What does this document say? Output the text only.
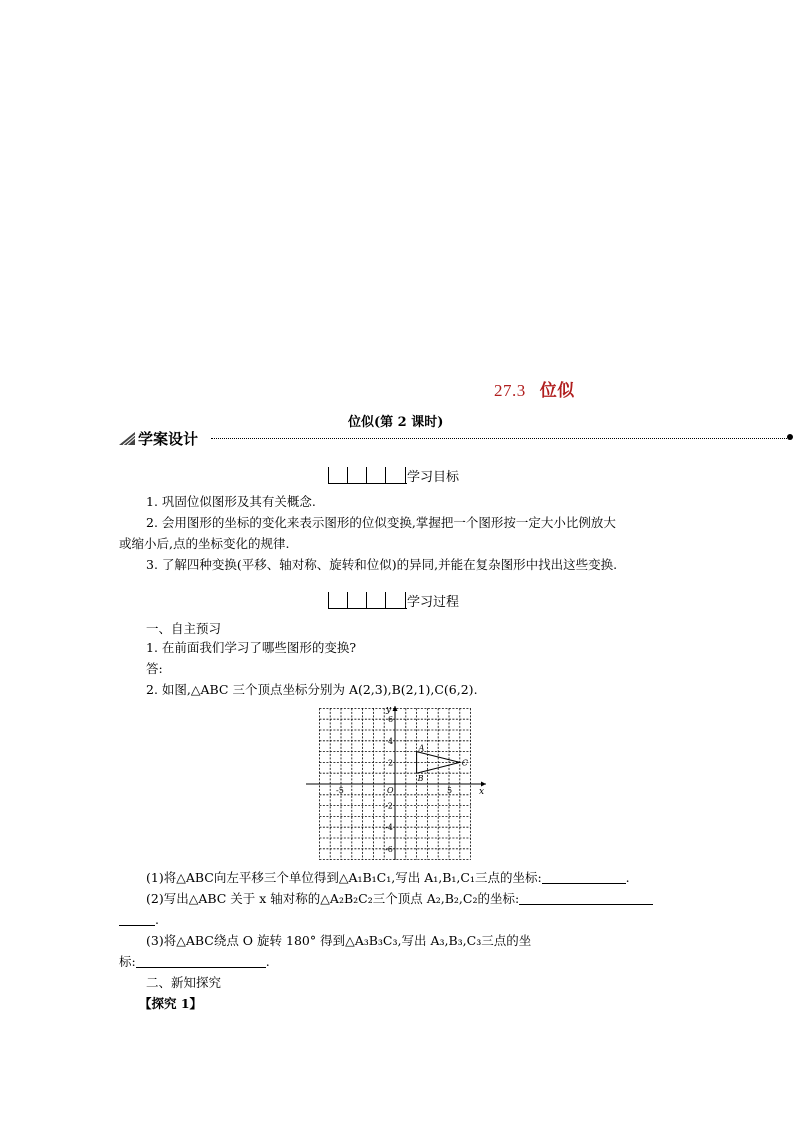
27.3 位似
位似(第 2 课时)
学案设计
学习目标
1. 巩固位似图形及其有关概念.
2. 会用图形的坐标的变化来表示图形的位似变换,掌握把一个图形按一定大小比例放大
或缩小后,点的坐标变化的规律.
3. 了解四种变换(平移、轴对称、旋转和位似)的异同,并能在复杂图形中找出这些变换.
学习过程
一、自主预习
1. 在前面我们学习了哪些图形的变换?
答:
2. 如图,△ABC 三个顶点坐标分别为 A(2,3),B(2,1),C(6,2).
x
y
O
-5	5
6
4
2
-2
-4
-6
A
B
C
(1)将△ABC向左平移三个单位得到△A₁B₁C₁,写出 A₁,B₁,C₁三点的坐标:	.
(2)写出△ABC 关于 x 轴对称的△A₂B₂C₂三个顶点 A₂,B₂,C₂的坐标:
.
(3)将△ABC绕点 O 旋转 180° 得到△A₃B₃C₃,写出 A₃,B₃,C₃三点的坐
标:	.
二、新知探究
【探究 1】
